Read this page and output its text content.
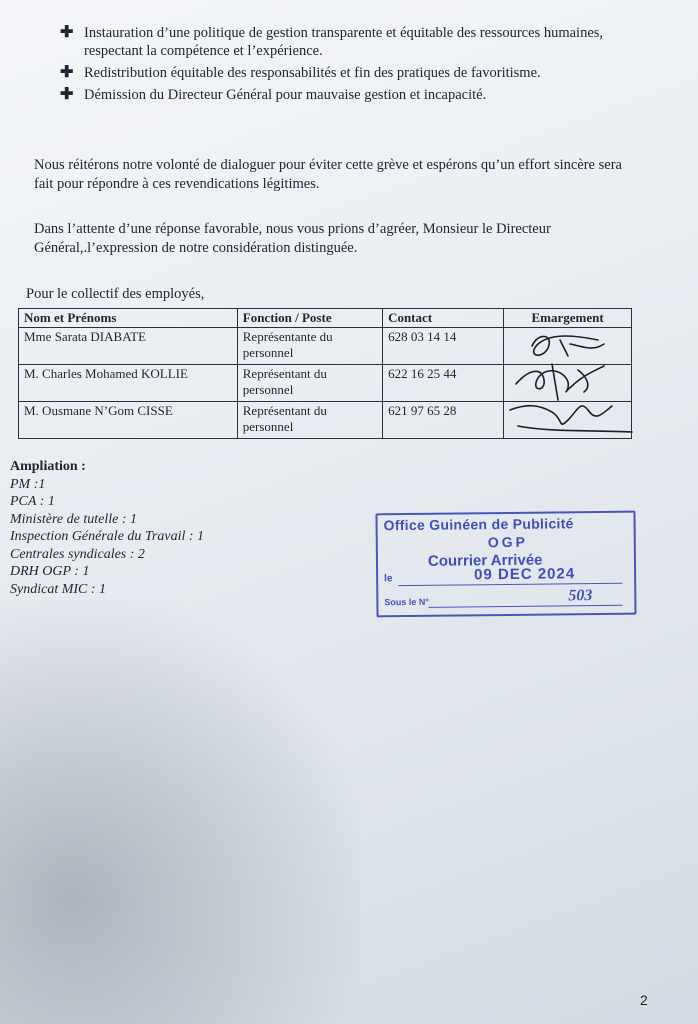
✚ Instauration d’une politique de gestion transparente et équitable des ressources humaines, respectant la compétence et l’expérience.
✚ Redistribution équitable des responsabilités et fin des pratiques de favoritisme.
✚ Démission du Directeur Général pour mauvaise gestion et incapacité.
Nous réitérons notre volonté de dialoguer pour éviter cette grève et espérons qu’un effort sincère sera fait pour répondre à ces revendications légitimes.
Dans l’attente d’une réponse favorable, nous vous prions d’agréer, Monsieur le Directeur Général,.l’expression de notre considération distinguée.
Pour le collectif des employés,
Nom et Prénoms	Fonction / Poste	Contact	Emargement
Mme Sarata DIABATE	Représentante du personnel	628 03 14 14	
M. Charles Mohamed KOLLIE	Représentant du personnel	622 16 25 44	
M. Ousmane N’Gom CISSE	Représentant du personnel	621 97 65 28	
Ampliation :
PM :1
PCA : 1
Ministère de tutelle : 1
Inspection Générale du Travail : 1
Centrales syndicales : 2
DRH OGP : 1
Syndicat MIC : 1
Office Guinéen de Publicité
OGP
Courrier Arrivée
le	09 DEC 2024
Sous le N°	503
2
